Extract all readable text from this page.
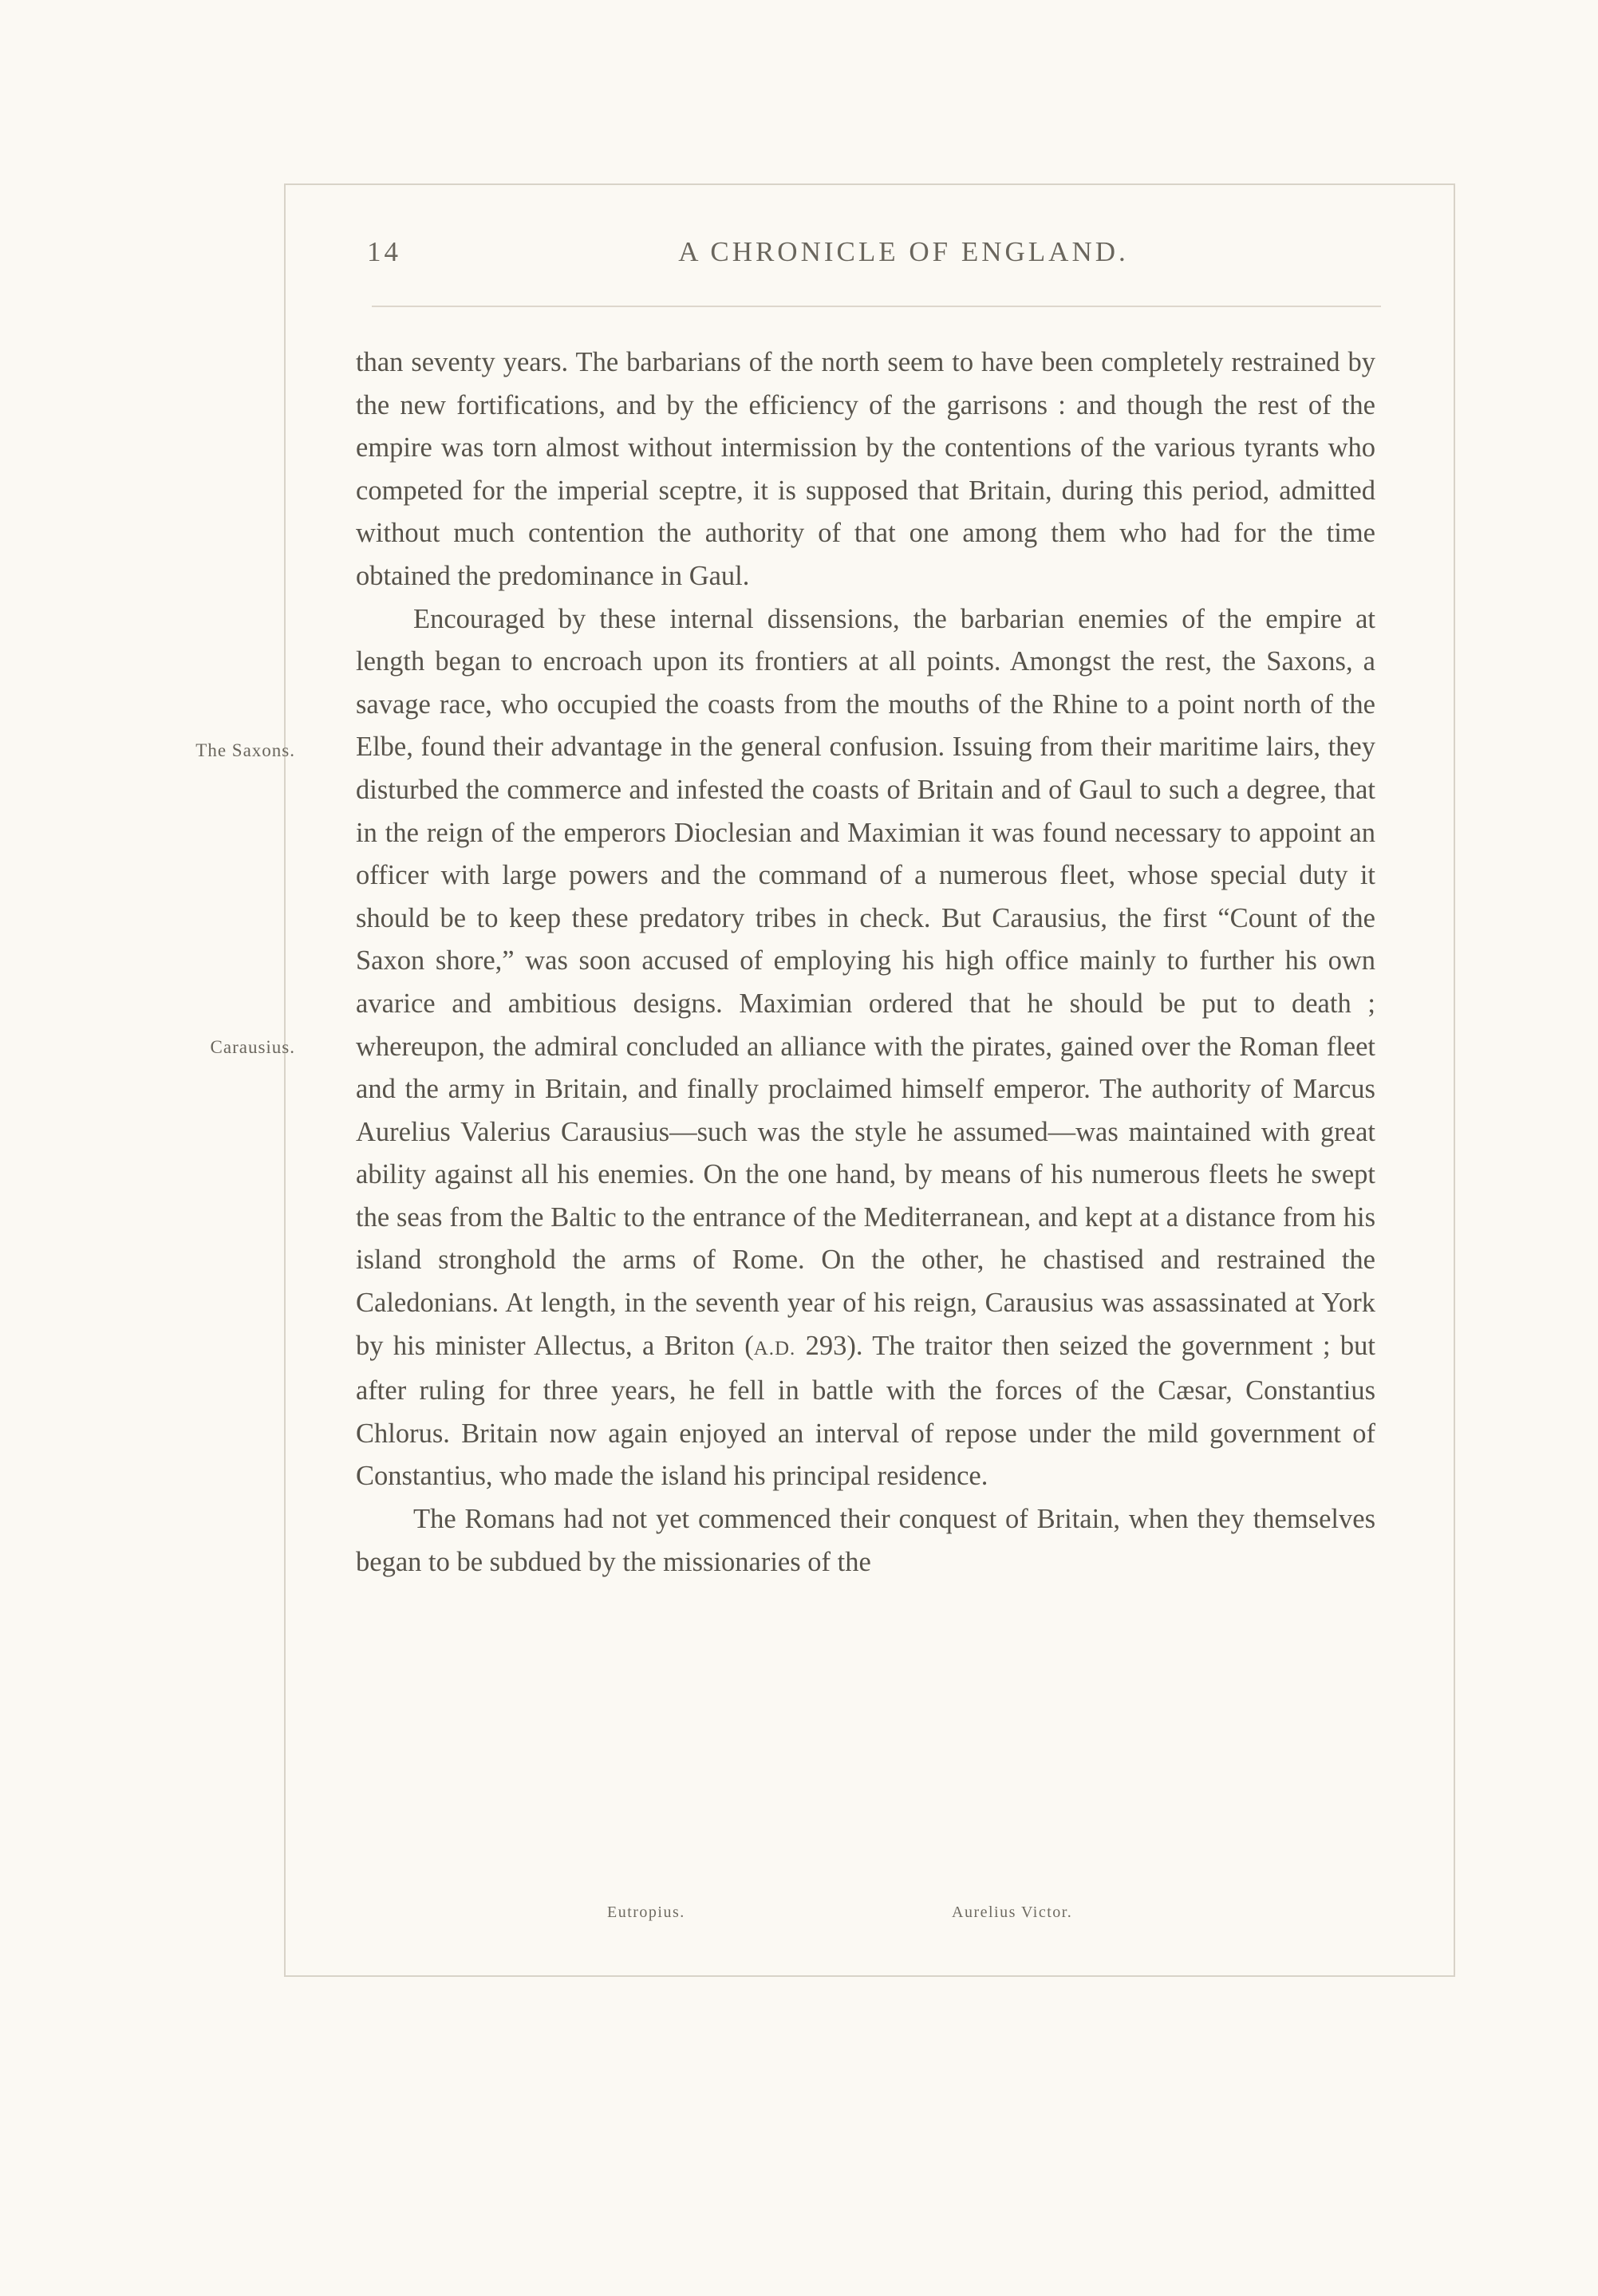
14	A CHRONICLE OF ENGLAND.
The Saxons.
Carausius.

than seventy years. The barbarians of the north seem to have been completely restrained by the new fortifications, and by the efficiency of the garrisons : and though the rest of the empire was torn almost without intermission by the contentions of the various tyrants who competed for the imperial sceptre, it is supposed that Britain, during this period, admitted without much contention the authority of that one among them who had for the time obtained the predominance in Gaul.

Encouraged by these internal dissensions, the barbarian enemies of the empire at length began to encroach upon its frontiers at all points. Amongst the rest, the Saxons, a savage race, who occupied the coasts from the mouths of the Rhine to a point north of the Elbe, found their advantage in the general confusion. Issuing from their maritime lairs, they disturbed the commerce and infested the coasts of Britain and of Gaul to such a degree, that in the reign of the emperors Dioclesian and Maximian it was found necessary to appoint an officer with large powers and the command of a numerous fleet, whose special duty it should be to keep these predatory tribes in check. But Carausius, the first “Count of the Saxon shore,” was soon accused of employing his high office mainly to further his own avarice and ambitious designs. Maximian ordered that he should be put to death ; whereupon, the admiral concluded an alliance with the pirates, gained over the Roman fleet and the army in Britain, and finally proclaimed himself emperor. The authority of Marcus Aurelius Valerius Carausius—such was the style he assumed—was maintained with great ability against all his enemies. On the one hand, by means of his numerous fleets he swept the seas from the Baltic to the entrance of the Mediterranean, and kept at a distance from his island stronghold the arms of Rome. On the other, he chastised and restrained the Caledonians. At length, in the seventh year of his reign, Carausius was assassinated at York by his minister Allectus, a Briton (A.D. 293). The traitor then seized the government ; but after ruling for three years, he fell in battle with the forces of the Cæsar, Constantius Chlorus. Britain now again enjoyed an interval of repose under the mild government of Constantius, who made the island his principal residence.

The Romans had not yet commenced their conquest of Britain, when they themselves began to be subdued by the missionaries of the

Eutropius.	Aurelius Victor.
